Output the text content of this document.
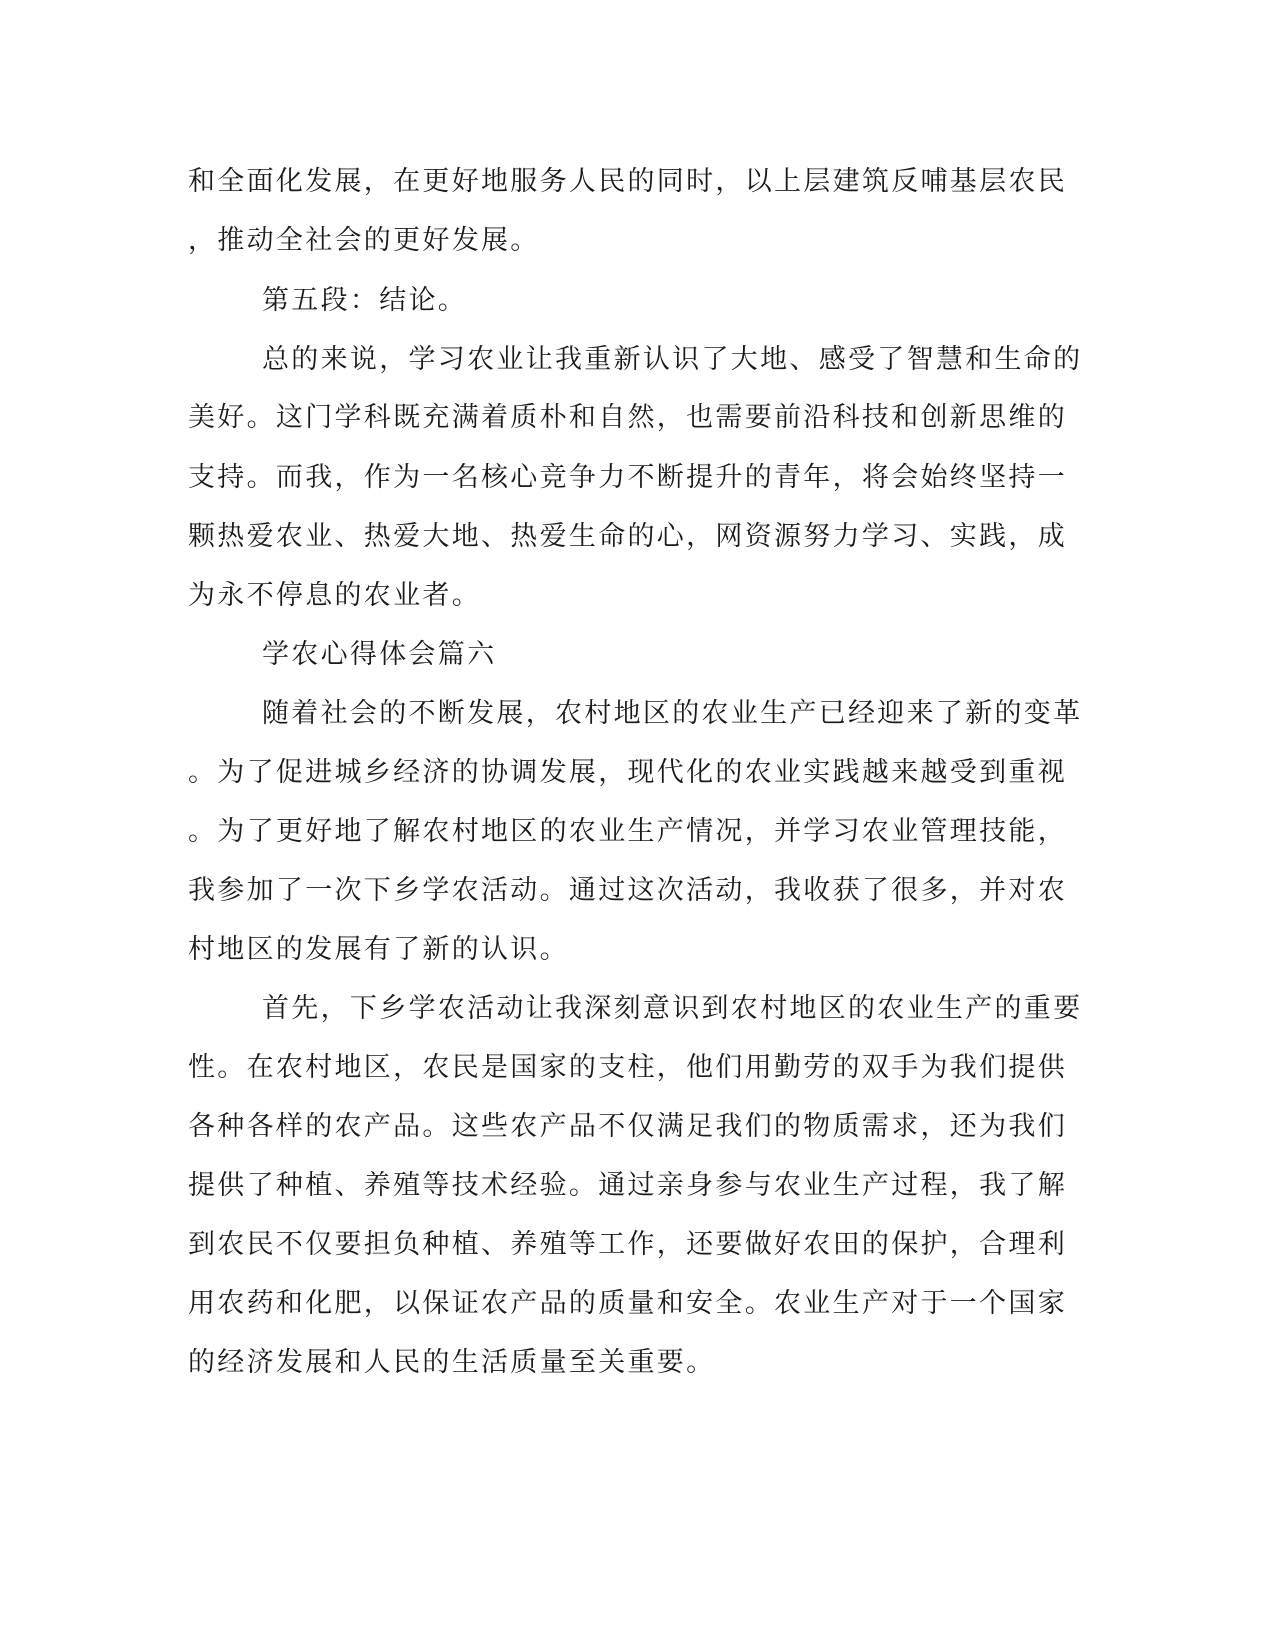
和全面化发展，在更好地服务人民的同时，以上层建筑反哺基层农民
，推动全社会的更好发展。
第五段：结论。
总的来说，学习农业让我重新认识了大地、感受了智慧和生命的
美好。这门学科既充满着质朴和自然，也需要前沿科技和创新思维的
支持。而我，作为一名核心竞争力不断提升的青年，将会始终坚持一
颗热爱农业、热爱大地、热爱生命的心，网资源努力学习、实践，成
为永不停息的农业者。
学农心得体会篇六
随着社会的不断发展，农村地区的农业生产已经迎来了新的变革
。为了促进城乡经济的协调发展，现代化的农业实践越来越受到重视
。为了更好地了解农村地区的农业生产情况，并学习农业管理技能，
我参加了一次下乡学农活动。通过这次活动，我收获了很多，并对农
村地区的发展有了新的认识。
首先，下乡学农活动让我深刻意识到农村地区的农业生产的重要
性。在农村地区，农民是国家的支柱，他们用勤劳的双手为我们提供
各种各样的农产品。这些农产品不仅满足我们的物质需求，还为我们
提供了种植、养殖等技术经验。通过亲身参与农业生产过程，我了解
到农民不仅要担负种植、养殖等工作，还要做好农田的保护，合理利
用农药和化肥，以保证农产品的质量和安全。农业生产对于一个国家
的经济发展和人民的生活质量至关重要。
